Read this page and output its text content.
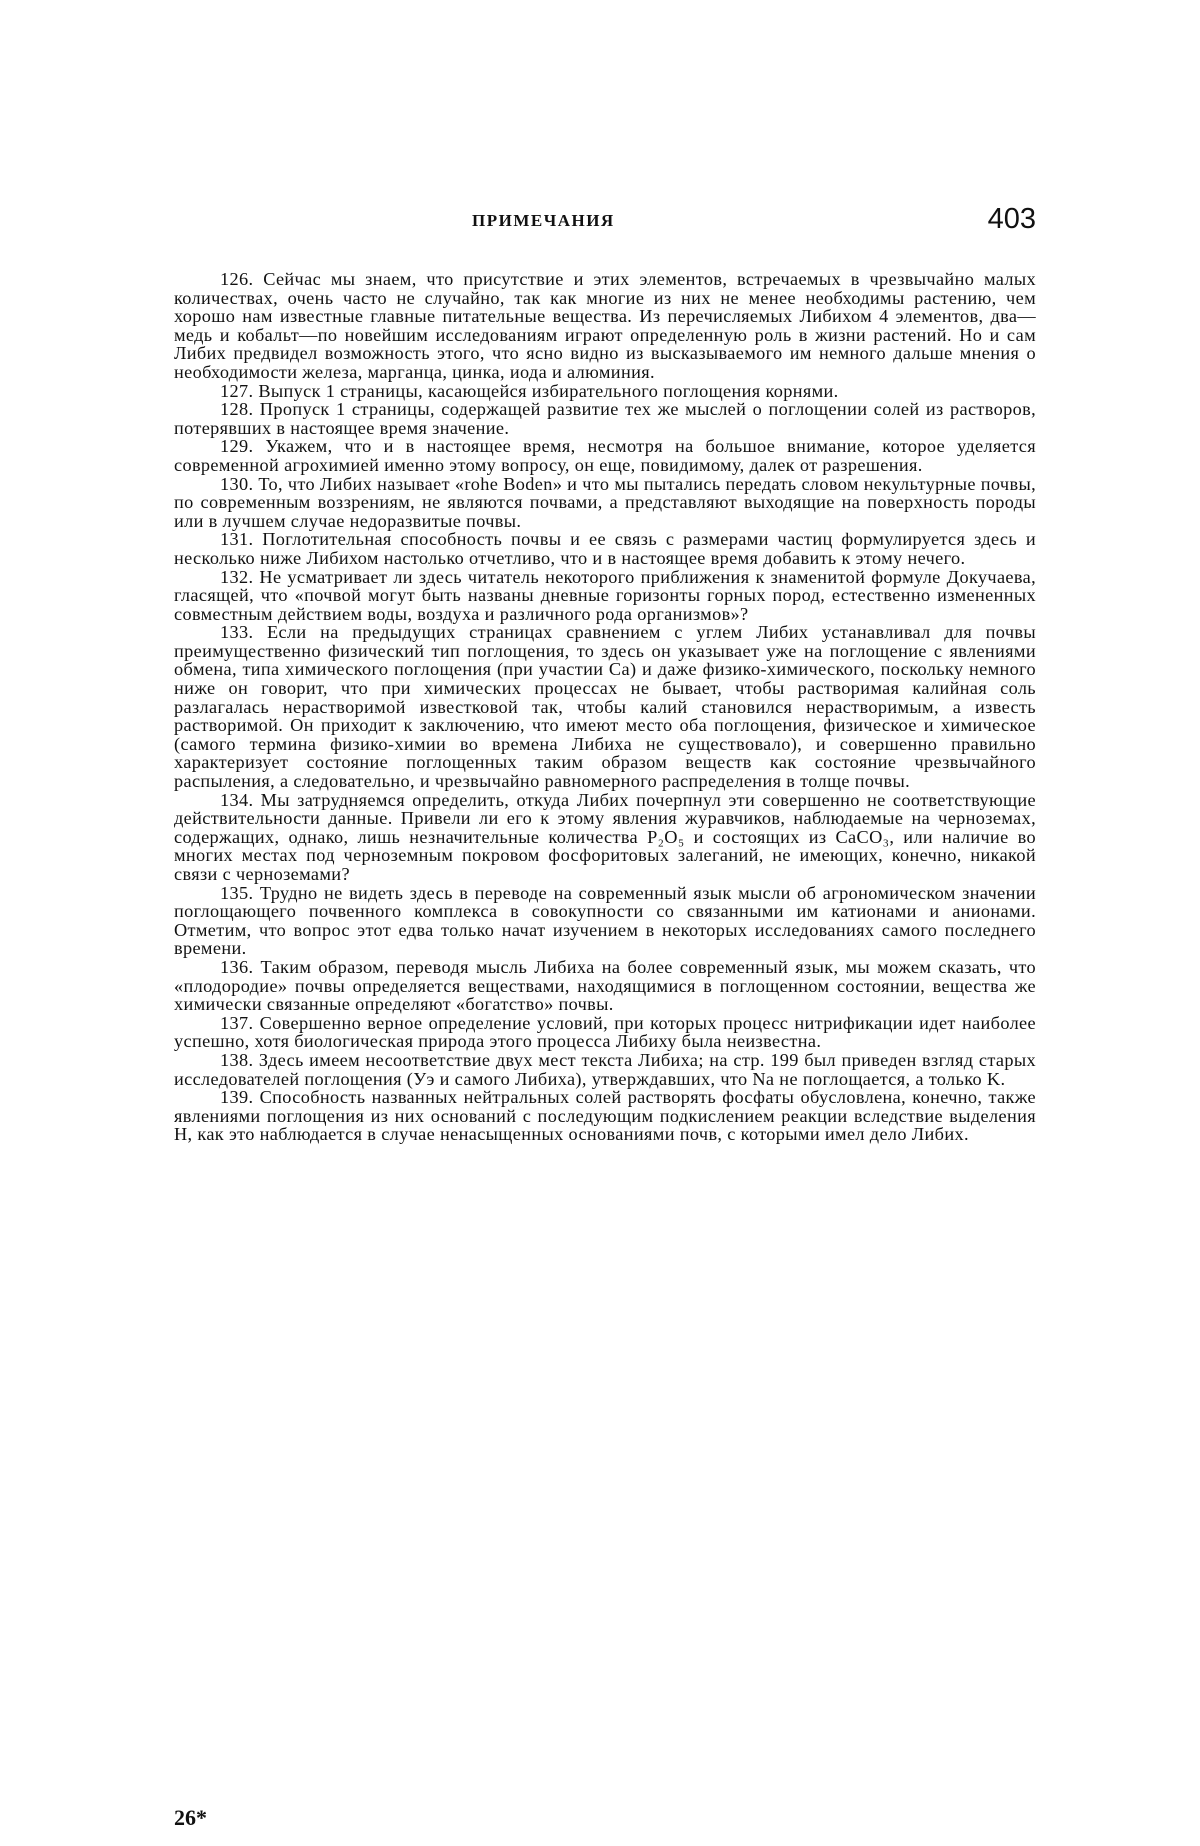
ПРИМЕЧАНИЯ	403

126. Сейчас мы знаем, что присутствие и этих элементов, встречаемых в чрезвычайно малых количествах, очень часто не случайно, так как многие из них не менее необходимы растению, чем хорошо нам известные главные питательные вещества. Из перечисляемых Либихом 4 элементов, два—медь и кобальт—по новейшим исследованиям играют определенную роль в жизни растений. Но и сам Либих предвидел возможность этого, что ясно видно из высказываемого им немного дальше мнения о необходимости железа, марганца, цинка, иода и алюминия.

127. Выпуск 1 страницы, касающейся избирательного поглощения корнями.

128. Пропуск 1 страницы, содержащей развитие тех же мыслей о поглощении солей из растворов, потерявших в настоящее время значение.

129. Укажем, что и в настоящее время, несмотря на большое внимание, которое уделяется современной агрохимией именно этому вопросу, он еще, повидимому, далек от разрешения.

130. То, что Либих называет «rohe Boden» и что мы пытались передать словом некультурные почвы, по современным воззрениям, не являются почвами, а представляют выходящие на поверхность породы или в лучшем случае недоразвитые почвы.

131. Поглотительная способность почвы и ее связь с размерами частиц формулируется здесь и несколько ниже Либихом настолько отчетливо, что и в настоящее время добавить к этому нечего.

132. Не усматривает ли здесь читатель некоторого приближения к знаменитой формуле Докучаева, гласящей, что «почвой могут быть названы дневные горизонты горных пород, естественно измененных совместным действием воды, воздуха и различного рода организмов»?

133. Если на предыдущих страницах сравнением с углем Либих устанавливал для почвы преимущественно физический тип поглощения, то здесь он указывает уже на поглощение с явлениями обмена, типа химического поглощения (при участии Ca) и даже физико-химического, поскольку немного ниже он говорит, что при химических процессах не бывает, чтобы растворимая калийная соль разлагалась нерастворимой известковой так, чтобы калий становился нерастворимым, а известь растворимой. Он приходит к заключению, что имеют место оба поглощения, физическое и химическое (самого термина физико-химии во времена Либиха не существовало), и совершенно правильно характеризует состояние поглощенных таким образом веществ как состояние чрезвычайного распыления, а следовательно, и чрезвычайно равномерного распределения в толще почвы.

134. Мы затрудняемся определить, откуда Либих почерпнул эти совершенно не соответствующие действительности данные. Привели ли его к этому явления журавчиков, наблюдаемые на черноземах, содержащих, однако, лишь незначительные количества P₂O₅ и состоящих из CaCO₃, или наличие во многих местах под черноземным покровом фосфоритовых залеганий, не имеющих, конечно, никакой связи с черноземами?

135. Трудно не видеть здесь в переводе на современный язык мысли об агрономическом значении поглощающего почвенного комплекса в совокупности со связанными им катионами и анионами. Отметим, что вопрос этот едва только начат изучением в некоторых исследованиях самого последнего времени.

136. Таким образом, переводя мысль Либиха на более современный язык, мы можем сказать, что «плодородие» почвы определяется веществами, находящимися в поглощенном состоянии, вещества же химически связанные определяют «богатство» почвы.

137. Совершенно верное определение условий, при которых процесс нитрификации идет наиболее успешно, хотя биологическая природа этого процесса Либиху была неизвестна.

138. Здесь имеем несоответствие двух мест текста Либиха; на стр. 199 был приведен взгляд старых исследователей поглощения (Уэ и самого Либиха), утверждавших, что Na не поглощается, а только K.

139. Способность названных нейтральных солей растворять фосфаты обусловлена, конечно, также явлениями поглощения из них оснований с последующим подкислением реакции вследствие выделения H, как это наблюдается в случае ненасыщенных основаниями почв, с которыми имел дело Либих.

26*
